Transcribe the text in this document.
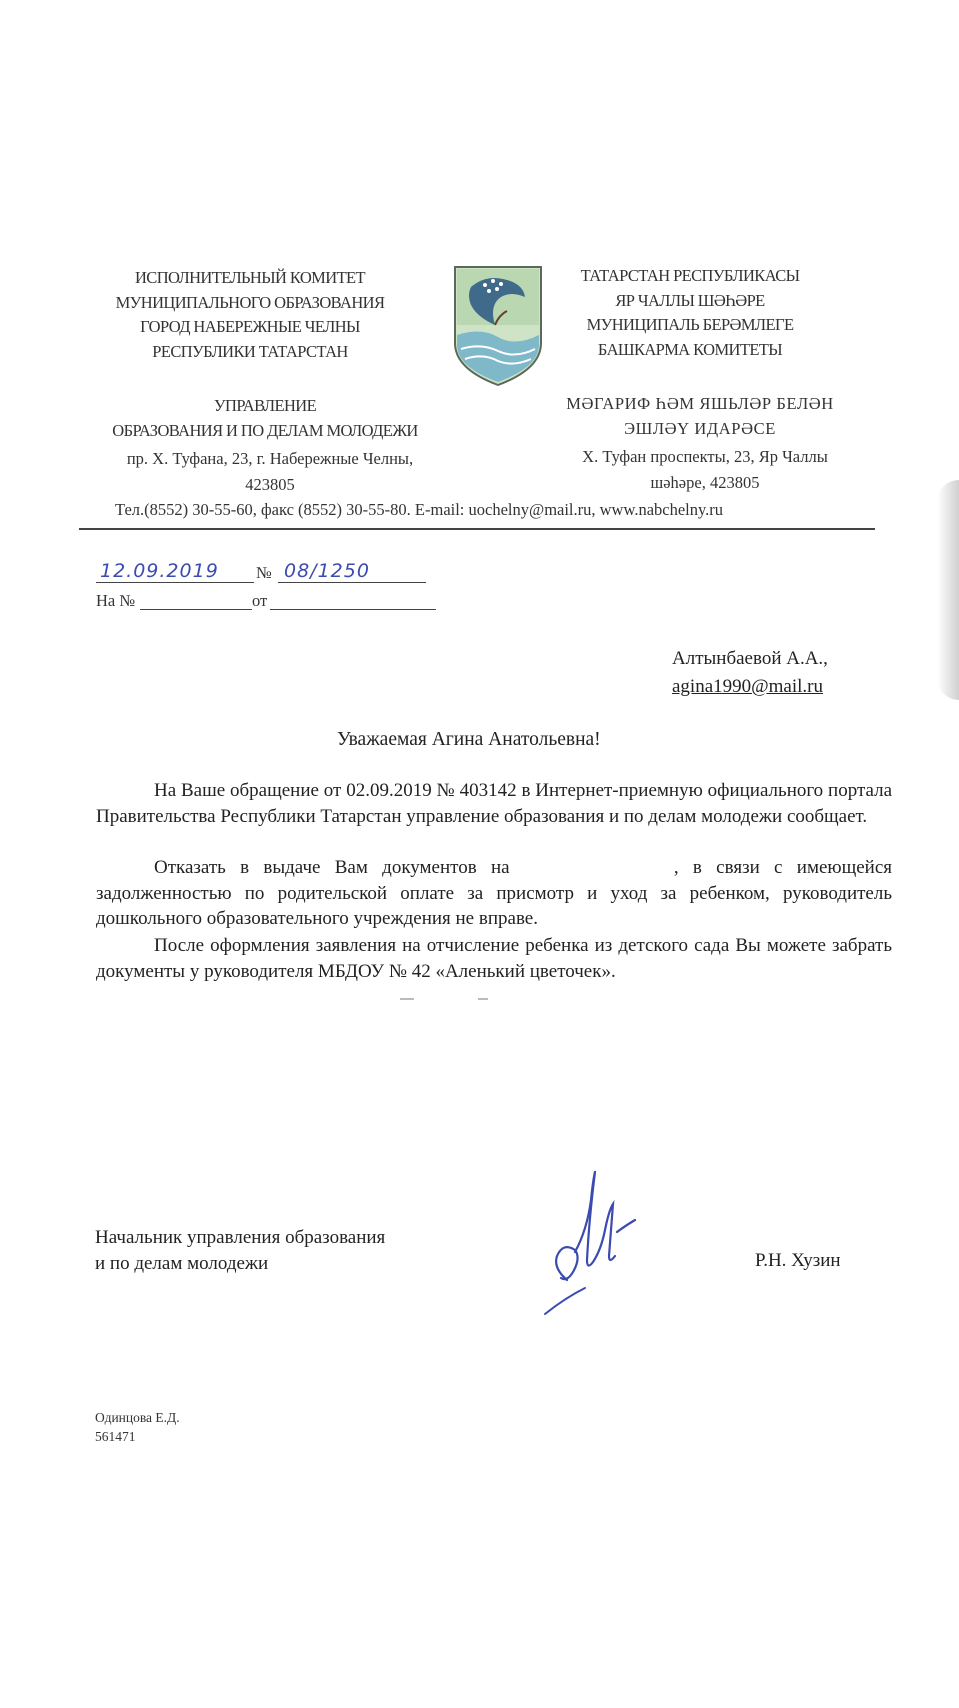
ИСПОЛНИТЕЛЬНЫЙ КОМИТЕТ
МУНИЦИПАЛЬНОГО ОБРАЗОВАНИЯ
ГОРОД НАБЕРЕЖНЫЕ ЧЕЛНЫ
РЕСПУБЛИКИ ТАТАРСТАН
ТАТАРСТАН РЕСПУБЛИКАСЫ
ЯР ЧАЛЛЫ ШӘҺӘРЕ
МУНИЦИПАЛЬ БЕРӘМЛЕГЕ
БАШКАРМА КОМИТЕТЫ
УПРАВЛЕНИЕ
ОБРАЗОВАНИЯ И ПО ДЕЛАМ МОЛОДЕЖИ
МӘГАРИФ ҺӘМ ЯШЬЛӘР БЕЛӘН
ЭШЛӘҮ ИДАРӘСЕ
пр. Х. Туфана, 23, г. Набережные Челны,
423805
Х. Туфан проспекты, 23, Яр Чаллы
шәһәре, 423805
Тел.(8552) 30-55-60, факс (8552) 30-55-80. E-mail: uochelny@mail.ru, www.nabchelny.ru
12.09.2019 № 08/1250
На №	от
Алтынбаевой А.А.,
agina1990@mail.ru
Уважаемая Агина Анатольевна!

На Ваше обращение от 02.09.2019 № 403142 в Интернет-приемную официального портала Правительства Республики Татарстан управление образования и по делам молодежи сообщает.

Отказать в выдаче Вам документов на	, в связи с имеющейся задолженностью по родительской оплате за присмотр и уход за ребенком, руководитель дошкольного образовательного учреждения не вправе.

После оформления заявления на отчисление ребенка из детского сада Вы можете забрать документы у руководителя МБДОУ № 42 «Аленький цветочек».

Начальник управления образования
и по делам молодежи	Р.Н. Хузин
Одинцова Е.Д.
561471
